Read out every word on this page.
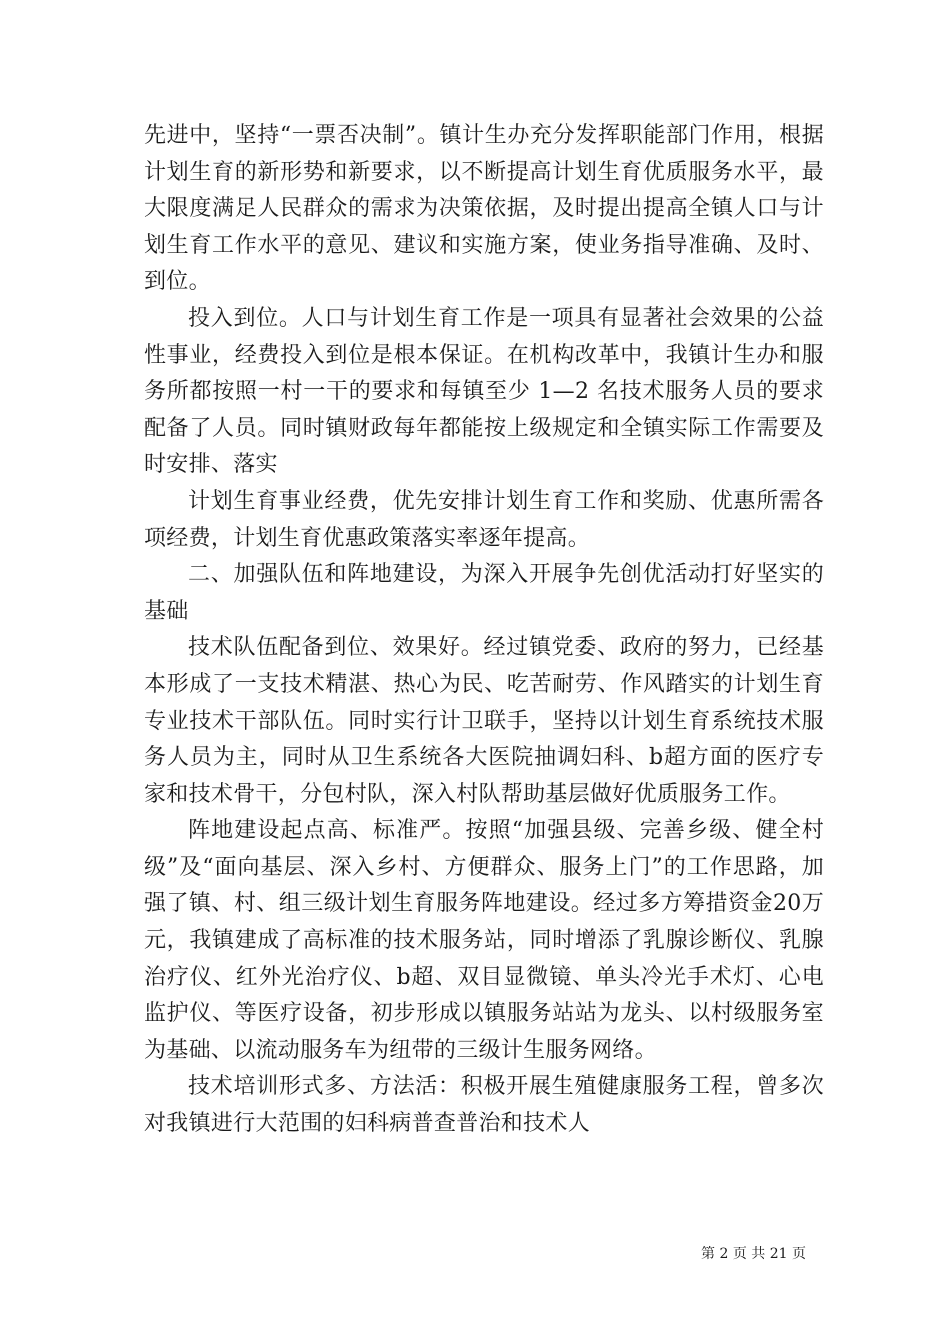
先进中，坚持“一票否决制”。镇计生办充分发挥职能部门作用，根据计划生育的新形势和新要求，以不断提高计划生育优质服务水平，最大限度满足人民群众的需求为决策依据，及时提出提高全镇人口与计划生育工作水平的意见、建议和实施方案，使业务指导准确、及时、到位。

投入到位。人口与计划生育工作是一项具有显著社会效果的公益性事业，经费投入到位是根本保证。在机构改革中，我镇计生办和服务所都按照一村一干的要求和每镇至少 1—2 名技术服务人员的要求配备了人员。同时镇财政每年都能按上级规定和全镇实际工作需要及时安排、落实

计划生育事业经费，优先安排计划生育工作和奖励、优惠所需各项经费，计划生育优惠政策落实率逐年提高。

二、加强队伍和阵地建设，为深入开展争先创优活动打好坚实的基础

技术队伍配备到位、效果好。经过镇党委、政府的努力，已经基本形成了一支技术精湛、热心为民、吃苦耐劳、作风踏实的计划生育专业技术干部队伍。同时实行计卫联手，坚持以计划生育系统技术服务人员为主，同时从卫生系统各大医院抽调妇科、b超方面的医疗专家和技术骨干，分包村队，深入村队帮助基层做好优质服务工作。

阵地建设起点高、标准严。按照“加强县级、完善乡级、健全村级”及“面向基层、深入乡村、方便群众、服务上门”的工作思路，加强了镇、村、组三级计划生育服务阵地建设。经过多方筹措资金20万元，我镇建成了高标准的技术服务站，同时增添了乳腺诊断仪、乳腺治疗仪、红外光治疗仪、b超、双目显微镜、单头冷光手术灯、心电监护仪、等医疗设备，初步形成以镇服务站站为龙头、以村级服务室为基础、以流动服务车为纽带的三级计生服务网络。

技术培训形式多、方法活：积极开展生殖健康服务工程，曾多次对我镇进行大范围的妇科病普查普治和技术人

第 2 页 共 21 页
